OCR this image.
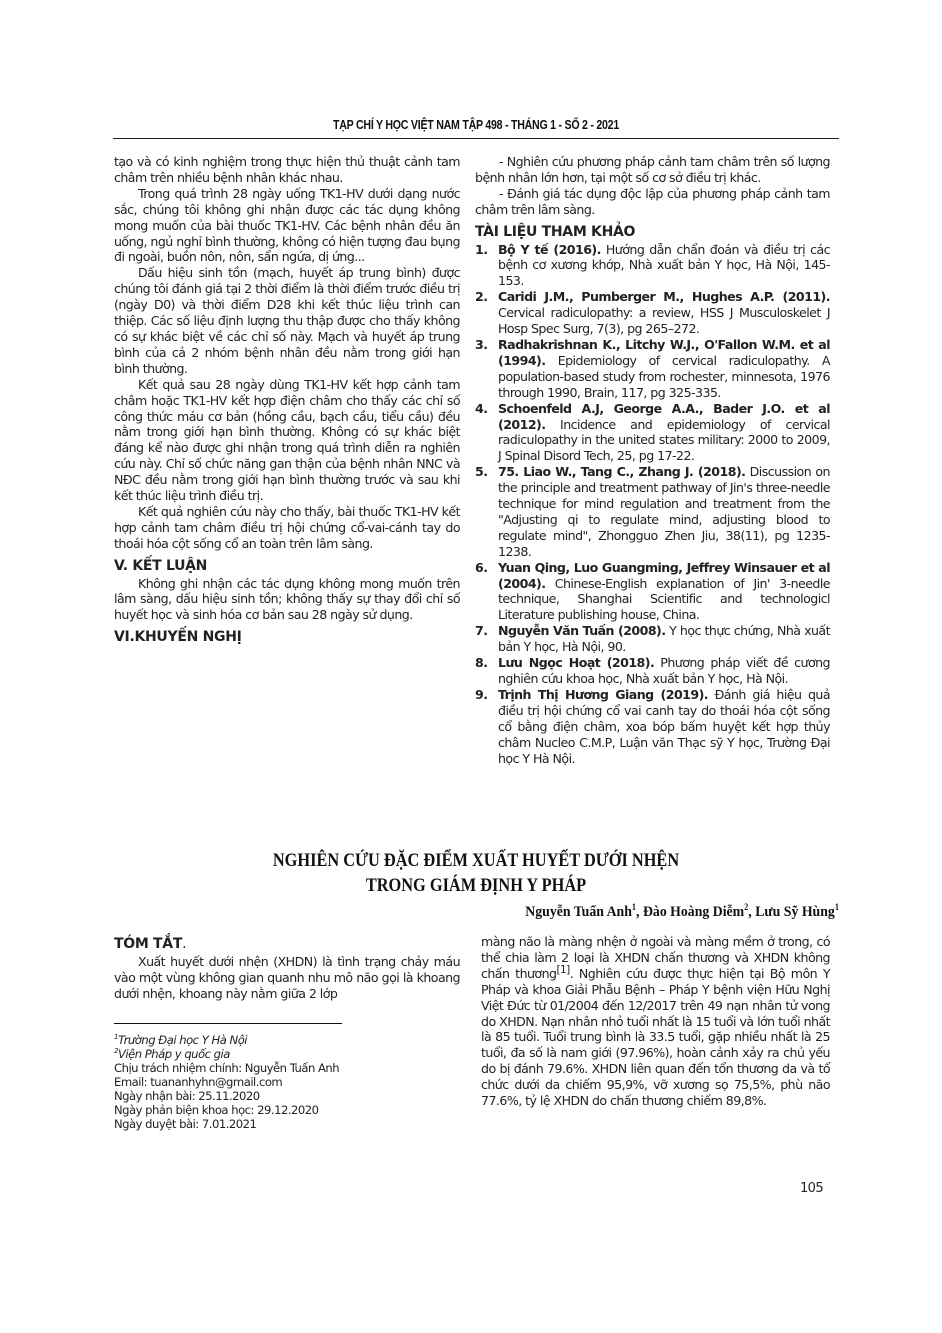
TẠP CHÍ Y HỌC VIỆT NAM TẬP 498 - THÁNG 1 - SỐ 2 - 2021

tạo và có kinh nghiệm trong thực hiện thủ thuật cảnh tam châm trên nhiều bệnh nhân khác nhau.

Trong quá trình 28 ngày uống TK1-HV dưới dạng nước sắc, chúng tôi không ghi nhận được các tác dụng không mong muốn của bài thuốc TK1-HV. Các bệnh nhân đều ăn uống, ngủ nghỉ bình thường, không có hiện tượng đau bụng đi ngoài, buồn nôn, nôn, sẩn ngứa, dị ứng...

Dấu hiệu sinh tồn (mạch, huyết áp trung bình) được chúng tôi đánh giá tại 2 thời điểm là thời điểm trước điều trị (ngày D0) và thời điểm D28 khi kết thúc liệu trình can thiệp. Các số liệu định lượng thu thập được cho thấy không có sự khác biệt về các chỉ số này. Mạch và huyết áp trung bình của cả 2 nhóm bệnh nhân đều nằm trong giới hạn bình thường.

Kết quả sau 28 ngày dùng TK1-HV kết hợp cảnh tam châm hoặc TK1-HV kết hợp điện châm cho thấy các chỉ số công thức máu cơ bản (hồng cầu, bạch cầu, tiểu cầu) đều nằm trong giới hạn bình thường. Không có sự khác biệt đáng kể nào được ghi nhận trong quá trình diễn ra nghiên cứu này. Chỉ số chức năng gan thận của bệnh nhân NNC và NĐC đều nằm trong giới hạn bình thường trước và sau khi kết thúc liệu trình điều trị.

Kết quả nghiên cứu này cho thấy, bài thuốc TK1-HV kết hợp cảnh tam châm điều trị hội chứng cổ-vai-cánh tay do thoái hóa cột sống cổ an toàn trên lâm sàng.

V. KẾT LUẬN

Không ghi nhận các tác dụng không mong muốn trên lâm sàng, dấu hiệu sinh tồn; không thấy sự thay đổi chỉ số huyết học và sinh hóa cơ bản sau 28 ngày sử dụng.

VI.KHUYẾN NGHỊ

- Nghiên cứu phương pháp cảnh tam châm trên số lượng bệnh nhân lớn hơn, tại một số cơ sở điều trị khác.

- Đánh giá tác dụng độc lập của phương pháp cảnh tam châm trên lâm sàng.

TÀI LIỆU THAM KHẢO
1. Bộ Y tế (2016). Hướng dẫn chẩn đoán và điều trị các bệnh cơ xương khớp, Nhà xuất bản Y học, Hà Nội, 145-153.
2. Caridi J.M., Pumberger M., Hughes A.P. (2011). Cervical radiculopathy: a review, HSS J Musculoskelet J Hosp Spec Surg, 7(3), pg 265–272.
3. Radhakrishnan K., Litchy W.J., O'Fallon W.M. et al (1994). Epidemiology of cervical radiculopathy. A population-based study from rochester, minnesota, 1976 through 1990, Brain, 117, pg 325-335.
4. Schoenfeld A.J, George A.A., Bader J.O. et al (2012). Incidence and epidemiology of cervical radiculopathy in the united states military: 2000 to 2009, J Spinal Disord Tech, 25, pg 17-22.
5. 75. Liao W., Tang C., Zhang J. (2018). Discussion on the principle and treatment pathway of Jin's three-needle technique for mind regulation and treatment from the "Adjusting qi to regulate mind, adjusting blood to regulate mind", Zhongguo Zhen Jiu, 38(11), pg 1235-1238.
6. Yuan Qing, Luo Guangming, Jeffrey Winsauer et al (2004). Chinese-English explanation of Jin' 3-needle technique, Shanghai Scientific and technologicl Literature publishing house, China.
7. Nguyễn Văn Tuấn (2008). Y học thực chứng, Nhà xuất bản Y học, Hà Nội, 90.
8. Lưu Ngọc Hoạt (2018). Phương pháp viết đề cương nghiên cứu khoa học, Nhà xuất bản Y học, Hà Nội.
9. Trịnh Thị Hương Giang (2019). Đánh giá hiệu quả điều trị hội chứng cổ vai canh tay do thoái hóa cột sống cổ bằng điện châm, xoa bóp bấm huyệt kết hợp thủy châm Nucleo C.M.P, Luận văn Thạc sỹ Y học, Trường Đại học Y Hà Nội.
NGHIÊN CỨU ĐẶC ĐIỂM XUẤT HUYẾT DƯỚI NHỆN
TRONG GIÁM ĐỊNH Y PHÁP
Nguyễn Tuấn Anh$^1$, Đào Hoàng Diễm$^2$, Lưu Sỹ Hùng$^1$
TÓM TẮT.

Xuất huyết dưới nhện (XHDN) là tình trạng chảy máu vào một vùng không gian quanh nhu mô não gọi là khoang dưới nhện, khoang này nằm giữa 2 lớp

màng não là màng nhện ở ngoài và màng mềm ở trong, có thể chia làm 2 loại là XHDN chấn thương và XHDN không chấn thương[1]. Nghiên cứu được thực hiện tại Bộ môn Y Pháp và khoa Giải Phẫu Bệnh – Pháp Y bệnh viện Hữu Nghị Việt Đức từ 01/2004 đến 12/2017 trên 49 nạn nhân tử vong do XHDN. Nạn nhân nhỏ tuổi nhất là 15 tuổi và lớn tuổi nhất là 85 tuổi. Tuổi trung bình là 33.5 tuổi, gặp nhiều nhất là 25 tuổi, đa số là nam giới (97.96%), hoàn cảnh xảy ra chủ yếu do bị đánh 79.6%. XHDN liên quan đến tổn thương da và tổ chức dưới da chiếm 95,9%, vỡ xương sọ 75,5%, phù não 77.6%, tỷ lệ XHDN do chấn thương chiếm 89,8%.

$^1$Trường Đại học Y Hà Nội
$^2$Viện Pháp y quốc gia
Chịu trách nhiệm chính: Nguyễn Tuấn Anh
Email: tuananhyhn@gmail.com
Ngày nhận bài: 25.11.2020
Ngày phản biện khoa học: 29.12.2020
Ngày duyệt bài: 7.01.2021
105
